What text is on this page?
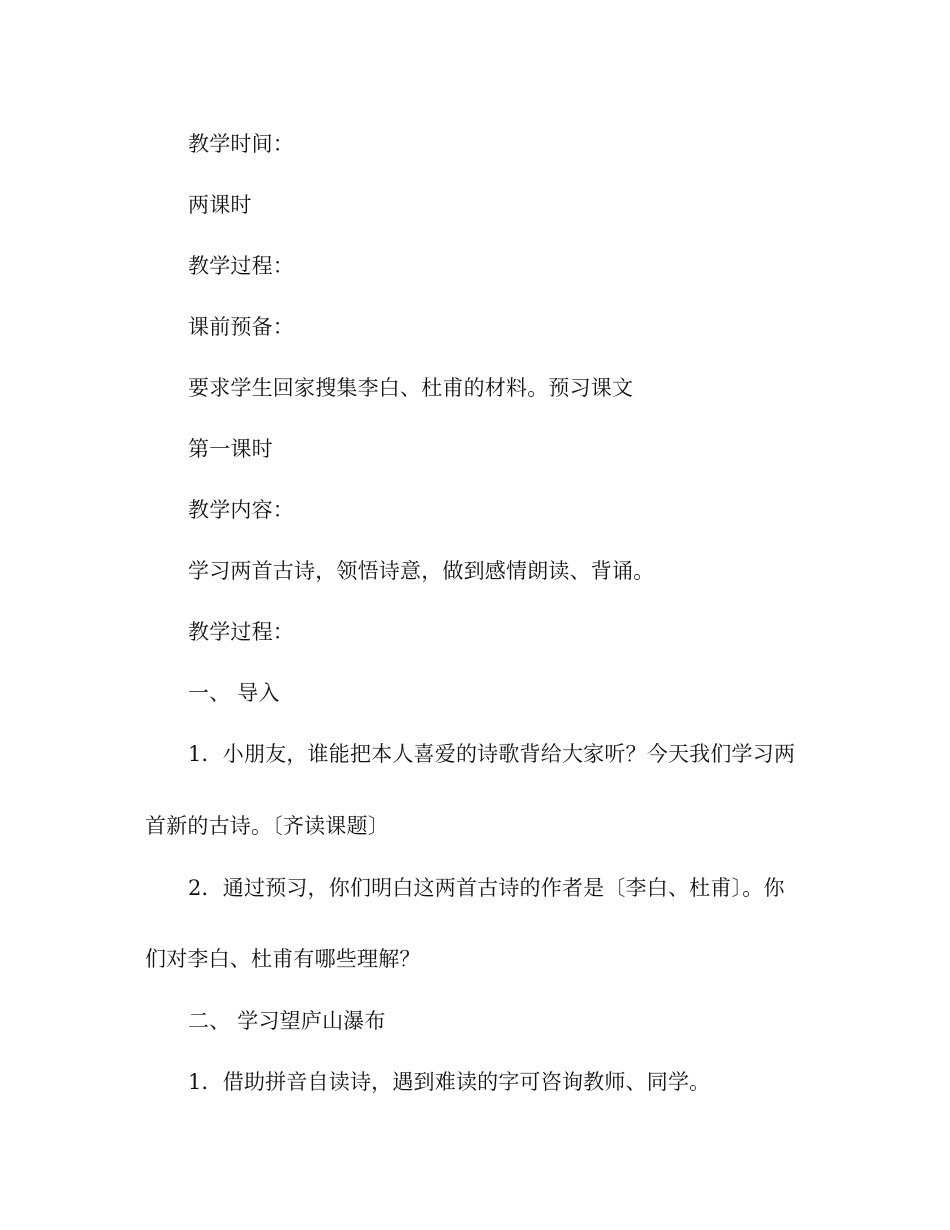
教学时间：
两课时
教学过程：
课前预备：
要求学生回家搜集李白、杜甫的材料。预习课文
第一课时
教学内容：
学习两首古诗，领悟诗意，做到感情朗读、背诵。
教学过程：
一、 导入
1．小朋友，谁能把本人喜爱的诗歌背给大家听？今天我们学习两
首新的古诗。〔齐读课题〕
2．通过预习，你们明白这两首古诗的作者是〔李白、杜甫〕。你
们对李白、杜甫有哪些理解？
二、 学习望庐山瀑布
1．借助拼音自读诗，遇到难读的字可咨询教师、同学。
